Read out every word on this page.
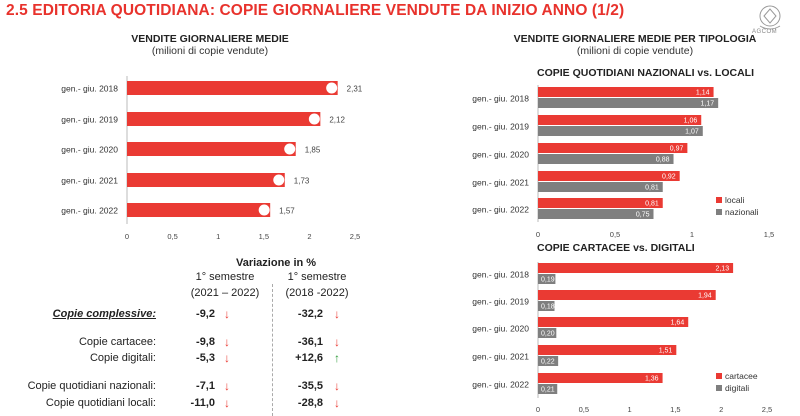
2.5 EDITORIA QUOTIDIANA: COPIE GIORNALIERE VENDUTE DA INIZIO ANNO (1/2)
AGCOM
VENDITE GIORNALIERE MEDIE
(milioni di copie vendute)
VENDITE GIORNALIERE MEDIE PER TIPOLOGIA
(milioni di copie vendute)
COPIE QUOTIDIANI NAZIONALI vs. LOCALI
COPIE CARTACEE vs. DIGITALI
gen.- giu. 2018	2,31
gen.- giu. 2019	2,12
gen.- giu. 2020	1,85
gen.- giu. 2021	1,73
gen.- giu. 2022	1,57
0	0,5	1	1,5	2	2,5
gen.- giu. 2018
1,14
1,17
gen.- giu. 2019
1,06
1,07
gen.- giu. 2020
0,97
0,88
gen.- giu. 2021
0,92
0,81
gen.- giu. 2022
0,81
0,75
0	0,5	1	1,5
locali
nazionali
gen.- giu. 2018
2,13
0,19
gen.- giu. 2019
1,94
0,18
gen.- giu. 2020
1,64
0,20
gen.- giu. 2021
1,51
0,22
gen.- giu. 2022
1,36
0,21
0	0,5	1	1,5	2	2,5
cartacee
digitali
Variazione in %
1° semestre
(2021 – 2022)
1° semestre
(2018 -2022)
Copie complessive:	-9,2 ↓	-32,2 ↓
Copie cartacee:	-9,8 ↓	-36,1 ↓
Copie digitali:	-5,3 ↓	+12,6 ↑
Copie quotidiani nazionali:	-7,1 ↓	-35,5 ↓
Copie quotidiani locali:	-11,0 ↓	-28,8 ↓
